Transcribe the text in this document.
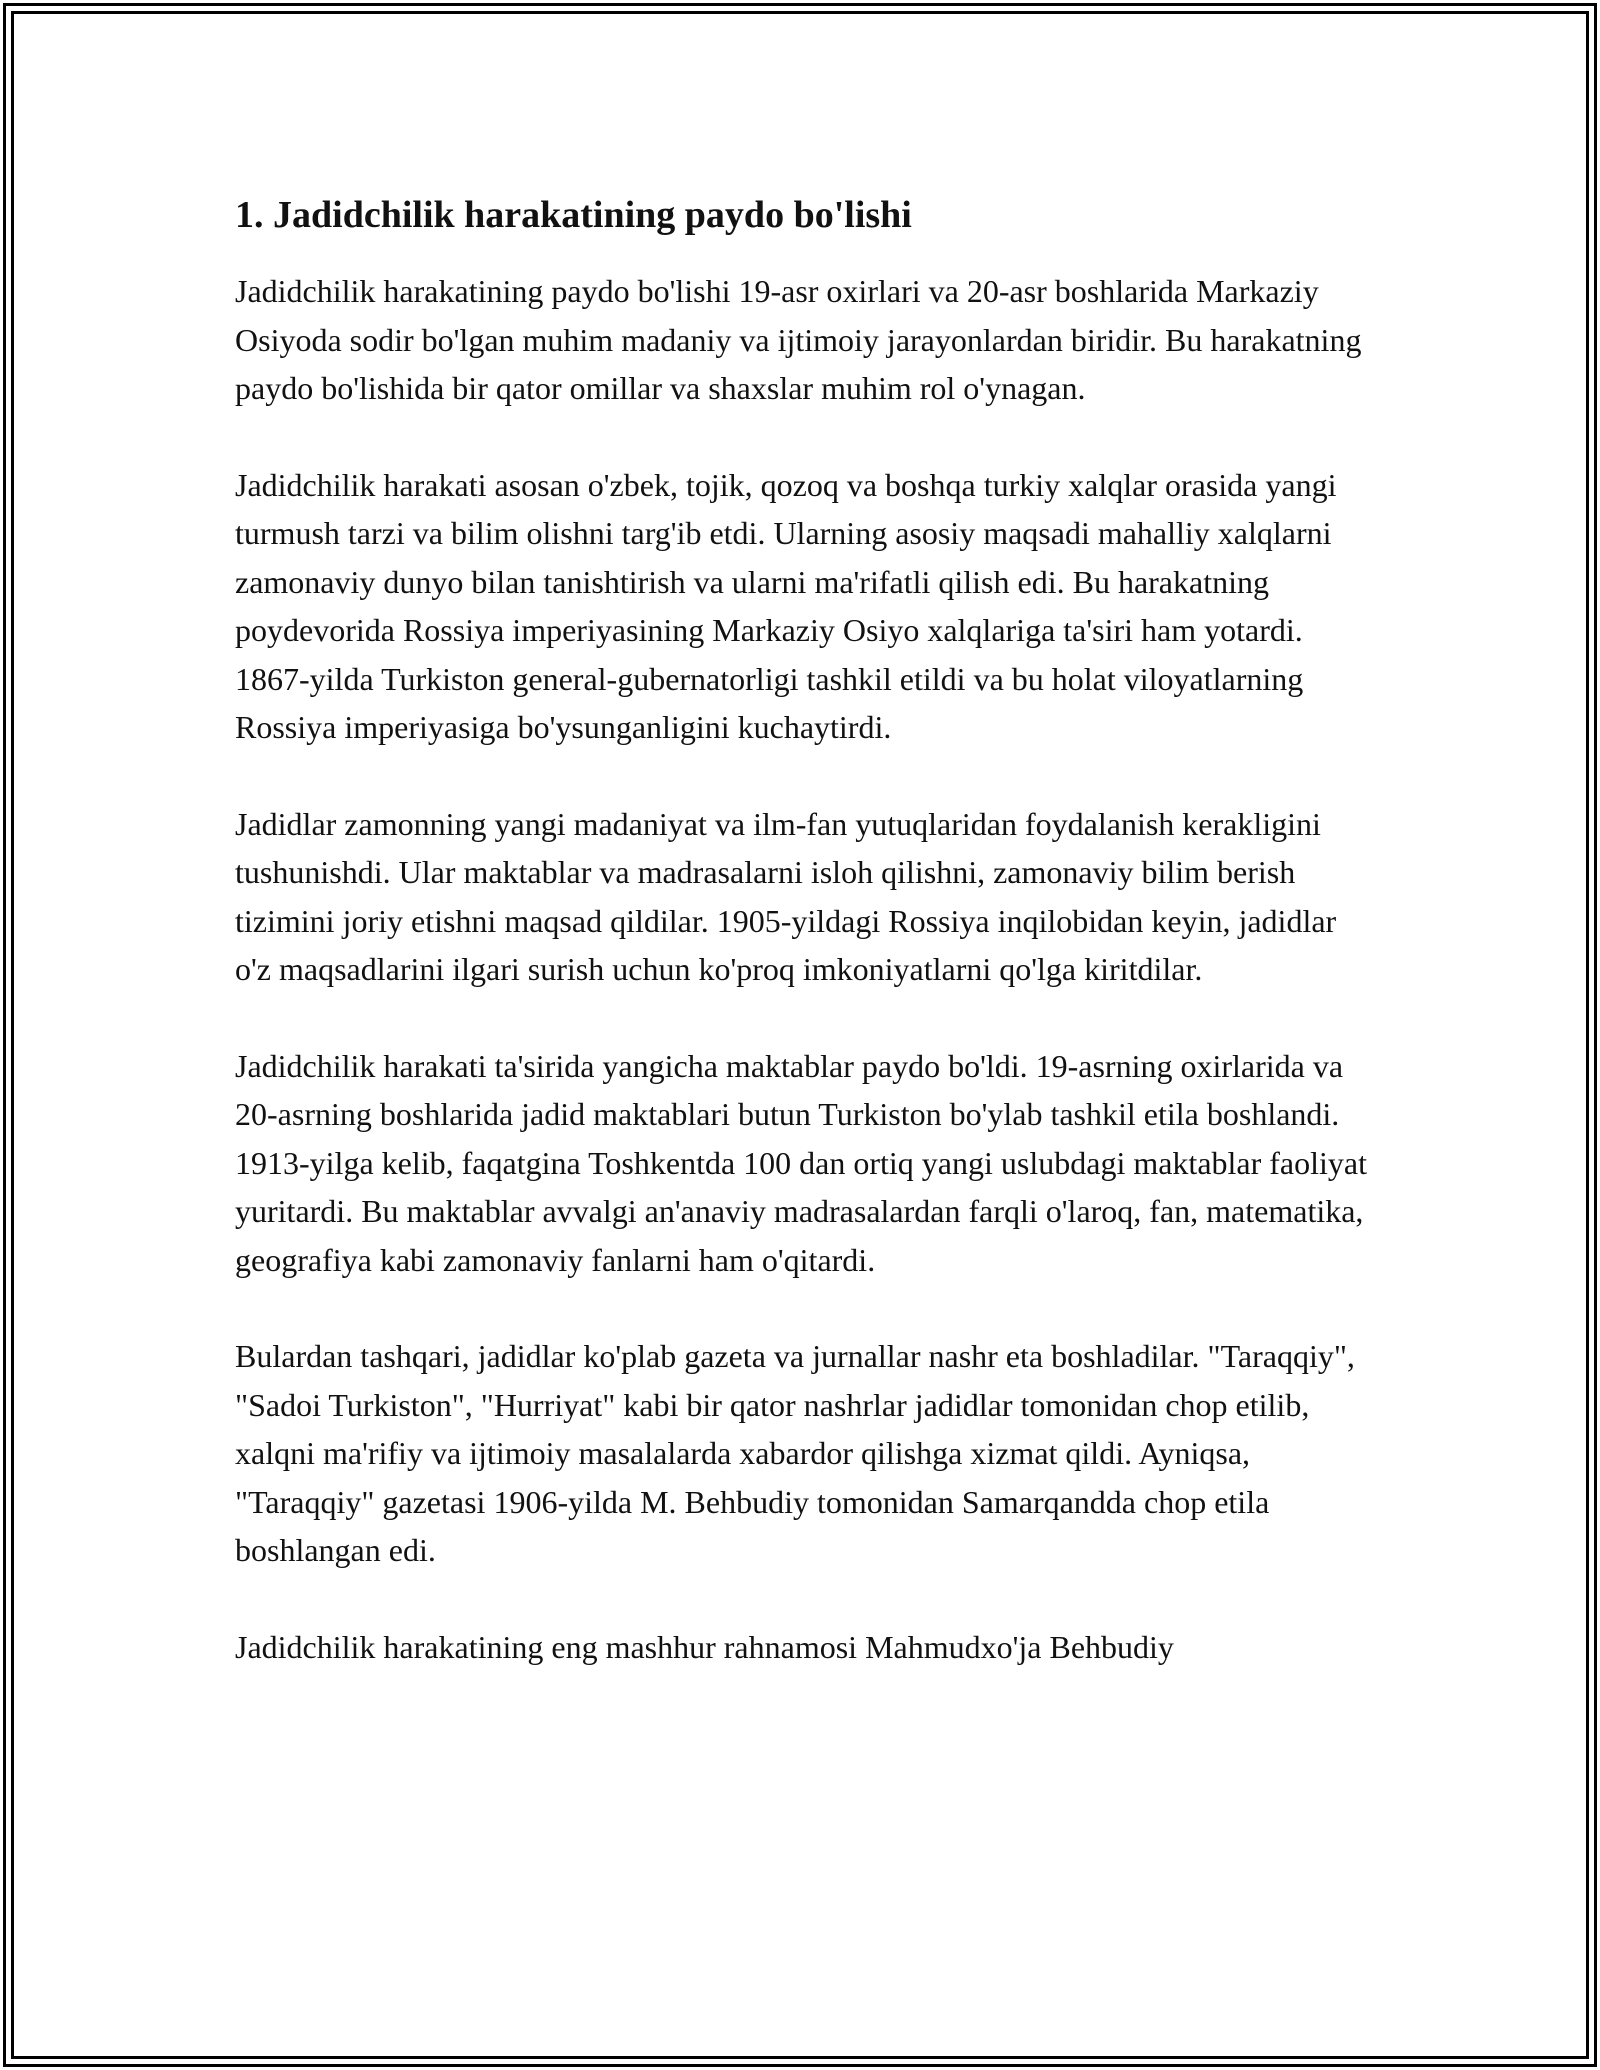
1. Jadidchilik harakatining paydo bo'lishi

Jadidchilik harakatining paydo bo'lishi 19-asr oxirlari va 20-asr boshlarida Markaziy Osiyoda sodir bo'lgan muhim madaniy va ijtimoiy jarayonlardan biridir. Bu harakatning paydo bo'lishida bir qator omillar va shaxslar muhim rol o'ynagan.

Jadidchilik harakati asosan o'zbek, tojik, qozoq va boshqa turkiy xalqlar orasida yangi turmush tarzi va bilim olishni targ'ib etdi. Ularning asosiy maqsadi mahalliy xalqlarni zamonaviy dunyo bilan tanishtirish va ularni ma'rifatli qilish edi. Bu harakatning poydevorida Rossiya imperiyasining Markaziy Osiyo xalqlariga ta'siri ham yotardi. 1867-yilda Turkiston general-gubernatorligi tashkil etildi va bu holat viloyatlarning Rossiya imperiyasiga bo'ysunganligini kuchaytirdi.

Jadidlar zamonning yangi madaniyat va ilm-fan yutuqlaridan foydalanish kerakligini tushunishdi. Ular maktablar va madrasalarni isloh qilishni, zamonaviy bilim berish tizimini joriy etishni maqsad qildilar. 1905-yildagi Rossiya inqilobidan keyin, jadidlar o'z maqsadlarini ilgari surish uchun ko'proq imkoniyatlarni qo'lga kiritdilar.

Jadidchilik harakati ta'sirida yangicha maktablar paydo bo'ldi. 19-asrning oxirlarida va 20-asrning boshlarida jadid maktablari butun Turkiston bo'ylab tashkil etila boshlandi. 1913-yilga kelib, faqatgina Toshkentda 100 dan ortiq yangi uslubdagi maktablar faoliyat yuritardi. Bu maktablar avvalgi an'anaviy madrasalardan farqli o'laroq, fan, matematika, geografiya kabi zamonaviy fanlarni ham o'qitardi.

Bulardan tashqari, jadidlar ko'plab gazeta va jurnallar nashr eta boshladilar. "Taraqqiy", "Sadoi Turkiston", "Hurriyat" kabi bir qator nashrlar jadidlar tomonidan chop etilib, xalqni ma'rifiy va ijtimoiy masalalarda xabardor qilishga xizmat qildi. Ayniqsa, "Taraqqiy" gazetasi 1906-yilda M. Behbudiy tomonidan Samarqandda chop etila boshlangan edi.

Jadidchilik harakatining eng mashhur rahnamosi Mahmudxo'ja Behbudiy
